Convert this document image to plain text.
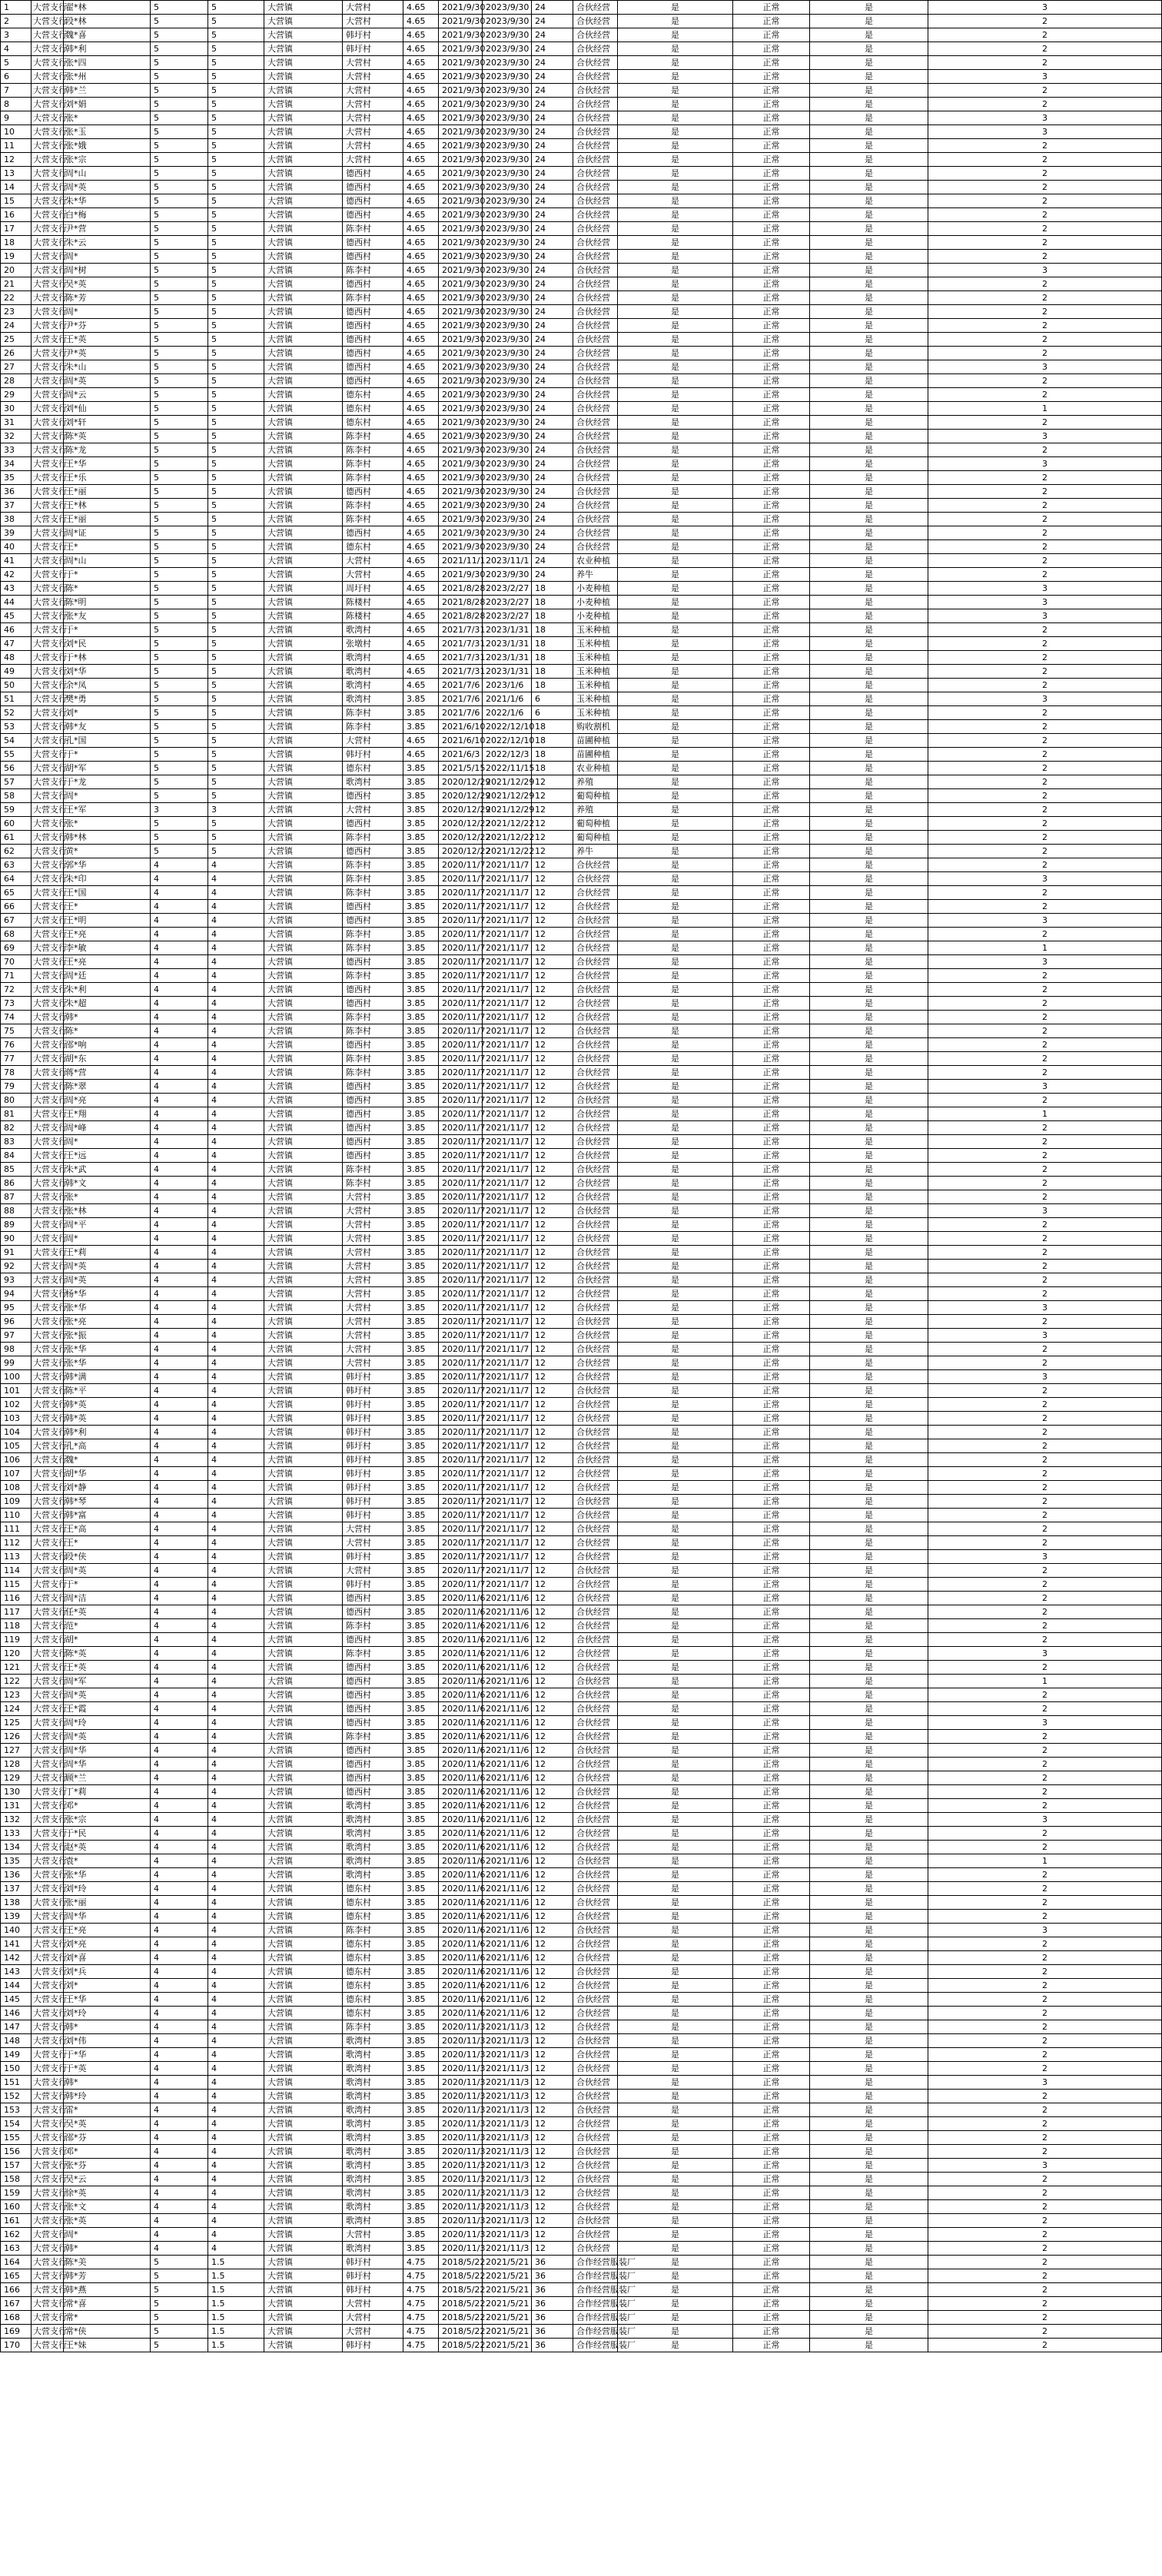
1	大营支行	翟*林	5	5	大营镇	大营村	4.65	2021/9/30	2023/9/30	24	合伙经营	是	正常	是	3
2	大营支行	段*林	5	5	大营镇	大营村	4.65	2021/9/30	2023/9/30	24	合伙经营	是	正常	是	2
3	大营支行	魏*喜	5	5	大营镇	韩圩村	4.65	2021/9/30	2023/9/30	24	合伙经营	是	正常	是	2
4	大营支行	韩*利	5	5	大营镇	韩圩村	4.65	2021/9/30	2023/9/30	24	合伙经营	是	正常	是	2
5	大营支行	张*四	5	5	大营镇	大营村	4.65	2021/9/30	2023/9/30	24	合伙经营	是	正常	是	2
6	大营支行	张*州	5	5	大营镇	大营村	4.65	2021/9/30	2023/9/30	24	合伙经营	是	正常	是	3
7	大营支行	韩*兰	5	5	大营镇	大营村	4.65	2021/9/30	2023/9/30	24	合伙经营	是	正常	是	2
8	大营支行	刘*娟	5	5	大营镇	大营村	4.65	2021/9/30	2023/9/30	24	合伙经营	是	正常	是	2
9	大营支行	张*	5	5	大营镇	大营村	4.65	2021/9/30	2023/9/30	24	合伙经营	是	正常	是	3
10	大营支行	张*玉	5	5	大营镇	大营村	4.65	2021/9/30	2023/9/30	24	合伙经营	是	正常	是	3
11	大营支行	张*娥	5	5	大营镇	大营村	4.65	2021/9/30	2023/9/30	24	合伙经营	是	正常	是	2
12	大营支行	张*宗	5	5	大营镇	大营村	4.65	2021/9/30	2023/9/30	24	合伙经营	是	正常	是	2
13	大营支行	周*山	5	5	大营镇	德西村	4.65	2021/9/30	2023/9/30	24	合伙经营	是	正常	是	2
14	大营支行	周*英	5	5	大营镇	德西村	4.65	2021/9/30	2023/9/30	24	合伙经营	是	正常	是	2
15	大营支行	朱*华	5	5	大营镇	德西村	4.65	2021/9/30	2023/9/30	24	合伙经营	是	正常	是	2
16	大营支行	白*梅	5	5	大营镇	德西村	4.65	2021/9/30	2023/9/30	24	合伙经营	是	正常	是	2
17	大营支行	尹*营	5	5	大营镇	陈李村	4.65	2021/9/30	2023/9/30	24	合伙经营	是	正常	是	2
18	大营支行	朱*云	5	5	大营镇	德西村	4.65	2021/9/30	2023/9/30	24	合伙经营	是	正常	是	2
19	大营支行	周*	5	5	大营镇	德西村	4.65	2021/9/30	2023/9/30	24	合伙经营	是	正常	是	2
20	大营支行	周*树	5	5	大营镇	陈李村	4.65	2021/9/30	2023/9/30	24	合伙经营	是	正常	是	3
21	大营支行	吴*英	5	5	大营镇	德西村	4.65	2021/9/30	2023/9/30	24	合伙经营	是	正常	是	2
22	大营支行	陈*芳	5	5	大营镇	陈李村	4.65	2021/9/30	2023/9/30	24	合伙经营	是	正常	是	2
23	大营支行	周*	5	5	大营镇	德西村	4.65	2021/9/30	2023/9/30	24	合伙经营	是	正常	是	2
24	大营支行	尹*芬	5	5	大营镇	德西村	4.65	2021/9/30	2023/9/30	24	合伙经营	是	正常	是	2
25	大营支行	王*英	5	5	大营镇	德西村	4.65	2021/9/30	2023/9/30	24	合伙经营	是	正常	是	2
26	大营支行	尹*英	5	5	大营镇	德西村	4.65	2021/9/30	2023/9/30	24	合伙经营	是	正常	是	2
27	大营支行	朱*山	5	5	大营镇	德西村	4.65	2021/9/30	2023/9/30	24	合伙经营	是	正常	是	3
28	大营支行	周*英	5	5	大营镇	德西村	4.65	2021/9/30	2023/9/30	24	合伙经营	是	正常	是	2
29	大营支行	周*云	5	5	大营镇	德东村	4.65	2021/9/30	2023/9/30	24	合伙经营	是	正常	是	2
30	大营支行	刘*仙	5	5	大营镇	德东村	4.65	2021/9/30	2023/9/30	24	合伙经营	是	正常	是	1
31	大营支行	刘*轩	5	5	大营镇	德东村	4.65	2021/9/30	2023/9/30	24	合伙经营	是	正常	是	2
32	大营支行	陈*英	5	5	大营镇	陈李村	4.65	2021/9/30	2023/9/30	24	合伙经营	是	正常	是	3
33	大营支行	陈*龙	5	5	大营镇	陈李村	4.65	2021/9/30	2023/9/30	24	合伙经营	是	正常	是	2
34	大营支行	王*华	5	5	大营镇	陈李村	4.65	2021/9/30	2023/9/30	24	合伙经营	是	正常	是	3
35	大营支行	王*乐	5	5	大营镇	陈李村	4.65	2021/9/30	2023/9/30	24	合伙经营	是	正常	是	2
36	大营支行	王*丽	5	5	大营镇	德西村	4.65	2021/9/30	2023/9/30	24	合伙经营	是	正常	是	2
37	大营支行	王*林	5	5	大营镇	陈李村	4.65	2021/9/30	2023/9/30	24	合伙经营	是	正常	是	2
38	大营支行	王*丽	5	5	大营镇	陈李村	4.65	2021/9/30	2023/9/30	24	合伙经营	是	正常	是	2
39	大营支行	周*证	5	5	大营镇	德西村	4.65	2021/9/30	2023/9/30	24	合伙经营	是	正常	是	2
40	大营支行	王*	5	5	大营镇	德东村	4.65	2021/9/30	2023/9/30	24	合伙经营	是	正常	是	2
41	大营支行	周*山	5	5	大营镇	大营村	4.65	2021/11/1	2023/11/1	24	农业种植	是	正常	是	2
42	大营支行	于*	5	5	大营镇	大营村	4.65	2021/9/30	2023/9/30	24	养牛	是	正常	是	2
43	大营支行	陈*	5	5	大营镇	周圩村	4.65	2021/8/28	2023/2/27	18	小麦种植	是	正常	是	3
44	大营支行	陈*明	5	5	大营镇	陈楼村	4.65	2021/8/28	2023/2/27	18	小麦种植	是	正常	是	3
45	大营支行	张*友	5	5	大营镇	陈楼村	4.65	2021/8/28	2023/2/27	18	小麦种植	是	正常	是	3
46	大营支行	于*	5	5	大营镇	歌湾村	4.65	2021/7/31	2023/1/31	18	玉米种植	是	正常	是	2
47	大营支行	刘*民	5	5	大营镇	张墩村	4.65	2021/7/31	2023/1/31	18	玉米种植	是	正常	是	2
48	大营支行	于*林	5	5	大营镇	歌湾村	4.65	2021/7/31	2023/1/31	18	玉米种植	是	正常	是	2
49	大营支行	刘*华	5	5	大营镇	歌湾村	4.65	2021/7/31	2023/1/31	18	玉米种植	是	正常	是	2
50	大营支行	余*凤	5	5	大营镇	歌湾村	4.65	2021/7/6	2023/1/6	18	玉米种植	是	正常	是	2
51	大营支行	樊*勇	5	5	大营镇	歌湾村	3.85	2021/7/6	2021/1/6	6	玉米种植	是	正常	是	3
52	大营支行	刘*	5	5	大营镇	陈李村	3.85	2021/7/6	2022/1/6	6	玉米种植	是	正常	是	2
53	大营支行	韩*友	5	5	大营镇	陈李村	3.85	2021/6/10	2022/12/10	18	购收割机	是	正常	是	2
54	大营支行	孔*国	5	5	大营镇	大营村	4.65	2021/6/10	2022/12/10	18	苗圃种植	是	正常	是	2
55	大营支行	于*	5	5	大营镇	韩圩村	4.65	2021/6/3	2022/12/3	18	苗圃种植	是	正常	是	2
56	大营支行	胡*军	5	5	大营镇	德东村	3.85	2021/5/15	2022/11/15	18	农业种植	是	正常	是	2
57	大营支行	于*龙	5	5	大营镇	歌湾村	3.85	2020/12/29	2021/12/29	12	养殖	是	正常	是	2
58	大营支行	周*	5	5	大营镇	德西村	3.85	2020/12/29	2021/12/29	12	葡萄种植	是	正常	是	2
59	大营支行	王*军	3	3	大营镇	大营村	3.85	2020/12/29	2021/12/29	12	养殖	是	正常	是	2
60	大营支行	张*	5	5	大营镇	德西村	3.85	2020/12/22	2021/12/22	12	葡萄种植	是	正常	是	2
61	大营支行	韩*林	5	5	大营镇	陈李村	3.85	2020/12/22	2021/12/22	12	葡萄种植	是	正常	是	2
62	大营支行	黄*	5	5	大营镇	德西村	3.85	2020/12/22	2021/12/22	12	养牛	是	正常	是	2
63	大营支行	郭*华	4	4	大营镇	陈李村	3.85	2020/11/7	2021/11/7	12	合伙经营	是	正常	是	2
64	大营支行	朱*印	4	4	大营镇	陈李村	3.85	2020/11/7	2021/11/7	12	合伙经营	是	正常	是	3
65	大营支行	王*国	4	4	大营镇	陈李村	3.85	2020/11/7	2021/11/7	12	合伙经营	是	正常	是	2
66	大营支行	王*	4	4	大营镇	德西村	3.85	2020/11/7	2021/11/7	12	合伙经营	是	正常	是	2
67	大营支行	王*明	4	4	大营镇	德西村	3.85	2020/11/7	2021/11/7	12	合伙经营	是	正常	是	3
68	大营支行	王*亮	4	4	大营镇	陈李村	3.85	2020/11/7	2021/11/7	12	合伙经营	是	正常	是	2
69	大营支行	李*敏	4	4	大营镇	陈李村	3.85	2020/11/7	2021/11/7	12	合伙经营	是	正常	是	1
70	大营支行	王*亮	4	4	大营镇	德西村	3.85	2020/11/7	2021/11/7	12	合伙经营	是	正常	是	3
71	大营支行	周*廷	4	4	大营镇	陈李村	3.85	2020/11/7	2021/11/7	12	合伙经营	是	正常	是	2
72	大营支行	朱*利	4	4	大营镇	德西村	3.85	2020/11/7	2021/11/7	12	合伙经营	是	正常	是	2
73	大营支行	朱*超	4	4	大营镇	德西村	3.85	2020/11/7	2021/11/7	12	合伙经营	是	正常	是	2
74	大营支行	韩*	4	4	大营镇	陈李村	3.85	2020/11/7	2021/11/7	12	合伙经营	是	正常	是	2
75	大营支行	陈*	4	4	大营镇	陈李村	3.85	2020/11/7	2021/11/7	12	合伙经营	是	正常	是	2
76	大营支行	邵*响	4	4	大营镇	德西村	3.85	2020/11/7	2021/11/7	12	合伙经营	是	正常	是	2
77	大营支行	胡*东	4	4	大营镇	陈李村	3.85	2020/11/7	2021/11/7	12	合伙经营	是	正常	是	2
78	大营支行	蒋*营	4	4	大营镇	陈李村	3.85	2020/11/7	2021/11/7	12	合伙经营	是	正常	是	2
79	大营支行	陈*翠	4	4	大营镇	德西村	3.85	2020/11/7	2021/11/7	12	合伙经营	是	正常	是	3
80	大营支行	周*亮	4	4	大营镇	德西村	3.85	2020/11/7	2021/11/7	12	合伙经营	是	正常	是	2
81	大营支行	王*翔	4	4	大营镇	德西村	3.85	2020/11/7	2021/11/7	12	合伙经营	是	正常	是	1
82	大营支行	周*峰	4	4	大营镇	德西村	3.85	2020/11/7	2021/11/7	12	合伙经营	是	正常	是	2
83	大营支行	周*	4	4	大营镇	德西村	3.85	2020/11/7	2021/11/7	12	合伙经营	是	正常	是	2
84	大营支行	王*远	4	4	大营镇	德西村	3.85	2020/11/7	2021/11/7	12	合伙经营	是	正常	是	2
85	大营支行	朱*武	4	4	大营镇	陈李村	3.85	2020/11/7	2021/11/7	12	合伙经营	是	正常	是	2
86	大营支行	韩*文	4	4	大营镇	陈李村	3.85	2020/11/7	2021/11/7	12	合伙经营	是	正常	是	2
87	大营支行	张*	4	4	大营镇	大营村	3.85	2020/11/7	2021/11/7	12	合伙经营	是	正常	是	2
88	大营支行	张*林	4	4	大营镇	大营村	3.85	2020/11/7	2021/11/7	12	合伙经营	是	正常	是	3
89	大营支行	周*平	4	4	大营镇	大营村	3.85	2020/11/7	2021/11/7	12	合伙经营	是	正常	是	2
90	大营支行	周*	4	4	大营镇	大营村	3.85	2020/11/7	2021/11/7	12	合伙经营	是	正常	是	2
91	大营支行	王*莉	4	4	大营镇	大营村	3.85	2020/11/7	2021/11/7	12	合伙经营	是	正常	是	2
92	大营支行	周*英	4	4	大营镇	大营村	3.85	2020/11/7	2021/11/7	12	合伙经营	是	正常	是	2
93	大营支行	周*英	4	4	大营镇	大营村	3.85	2020/11/7	2021/11/7	12	合伙经营	是	正常	是	2
94	大营支行	杨*华	4	4	大营镇	大营村	3.85	2020/11/7	2021/11/7	12	合伙经营	是	正常	是	2
95	大营支行	张*华	4	4	大营镇	大营村	3.85	2020/11/7	2021/11/7	12	合伙经营	是	正常	是	3
96	大营支行	张*亮	4	4	大营镇	大营村	3.85	2020/11/7	2021/11/7	12	合伙经营	是	正常	是	2
97	大营支行	张*振	4	4	大营镇	大营村	3.85	2020/11/7	2021/11/7	12	合伙经营	是	正常	是	3
98	大营支行	张*华	4	4	大营镇	大营村	3.85	2020/11/7	2021/11/7	12	合伙经营	是	正常	是	2
99	大营支行	张*华	4	4	大营镇	大营村	3.85	2020/11/7	2021/11/7	12	合伙经营	是	正常	是	2
100	大营支行	韩*满	4	4	大营镇	韩圩村	3.85	2020/11/7	2021/11/7	12	合伙经营	是	正常	是	3
101	大营支行	陈*平	4	4	大营镇	韩圩村	3.85	2020/11/7	2021/11/7	12	合伙经营	是	正常	是	2
102	大营支行	韩*英	4	4	大营镇	韩圩村	3.85	2020/11/7	2021/11/7	12	合伙经营	是	正常	是	2
103	大营支行	韩*英	4	4	大营镇	韩圩村	3.85	2020/11/7	2021/11/7	12	合伙经营	是	正常	是	2
104	大营支行	韩*利	4	4	大营镇	韩圩村	3.85	2020/11/7	2021/11/7	12	合伙经营	是	正常	是	2
105	大营支行	孔*高	4	4	大营镇	韩圩村	3.85	2020/11/7	2021/11/7	12	合伙经营	是	正常	是	2
106	大营支行	魏*	4	4	大营镇	韩圩村	3.85	2020/11/7	2021/11/7	12	合伙经营	是	正常	是	2
107	大营支行	胡*华	4	4	大营镇	韩圩村	3.85	2020/11/7	2021/11/7	12	合伙经营	是	正常	是	2
108	大营支行	刘*静	4	4	大营镇	韩圩村	3.85	2020/11/7	2021/11/7	12	合伙经营	是	正常	是	2
109	大营支行	韩*琴	4	4	大营镇	韩圩村	3.85	2020/11/7	2021/11/7	12	合伙经营	是	正常	是	2
110	大营支行	韩*富	4	4	大营镇	韩圩村	3.85	2020/11/7	2021/11/7	12	合伙经营	是	正常	是	2
111	大营支行	王*高	4	4	大营镇	大营村	3.85	2020/11/7	2021/11/7	12	合伙经营	是	正常	是	2
112	大营支行	王*	4	4	大营镇	大营村	3.85	2020/11/7	2021/11/7	12	合伙经营	是	正常	是	2
113	大营支行	段*侠	4	4	大营镇	韩圩村	3.85	2020/11/7	2021/11/7	12	合伙经营	是	正常	是	3
114	大营支行	周*英	4	4	大营镇	大营村	3.85	2020/11/7	2021/11/7	12	合伙经营	是	正常	是	2
115	大营支行	于*	4	4	大营镇	韩圩村	3.85	2020/11/7	2021/11/7	12	合伙经营	是	正常	是	2
116	大营支行	周*洁	4	4	大营镇	德西村	3.85	2020/11/6	2021/11/6	12	合伙经营	是	正常	是	2
117	大营支行	任*英	4	4	大营镇	德西村	3.85	2020/11/6	2021/11/6	12	合伙经营	是	正常	是	2
118	大营支行	范*	4	4	大营镇	陈李村	3.85	2020/11/6	2021/11/6	12	合伙经营	是	正常	是	2
119	大营支行	胡*	4	4	大营镇	德西村	3.85	2020/11/6	2021/11/6	12	合伙经营	是	正常	是	2
120	大营支行	陈*英	4	4	大营镇	陈李村	3.85	2020/11/6	2021/11/6	12	合伙经营	是	正常	是	3
121	大营支行	王*英	4	4	大营镇	德西村	3.85	2020/11/6	2021/11/6	12	合伙经营	是	正常	是	2
122	大营支行	周*军	4	4	大营镇	德西村	3.85	2020/11/6	2021/11/6	12	合伙经营	是	正常	是	1
123	大营支行	周*英	4	4	大营镇	德西村	3.85	2020/11/6	2021/11/6	12	合伙经营	是	正常	是	2
124	大营支行	王*霞	4	4	大营镇	德西村	3.85	2020/11/6	2021/11/6	12	合伙经营	是	正常	是	2
125	大营支行	周*玲	4	4	大营镇	德西村	3.85	2020/11/6	2021/11/6	12	合伙经营	是	正常	是	3
126	大营支行	周*英	4	4	大营镇	陈李村	3.85	2020/11/6	2021/11/6	12	合伙经营	是	正常	是	2
127	大营支行	周*华	4	4	大营镇	德西村	3.85	2020/11/6	2021/11/6	12	合伙经营	是	正常	是	2
128	大营支行	周*华	4	4	大营镇	德西村	3.85	2020/11/6	2021/11/6	12	合伙经营	是	正常	是	2
129	大营支行	顾*兰	4	4	大营镇	德西村	3.85	2020/11/6	2021/11/6	12	合伙经营	是	正常	是	2
130	大营支行	丁*莉	4	4	大营镇	德西村	3.85	2020/11/6	2021/11/6	12	合伙经营	是	正常	是	2
131	大营支行	邓*	4	4	大营镇	歌湾村	3.85	2020/11/6	2021/11/6	12	合伙经营	是	正常	是	2
132	大营支行	张*宗	4	4	大营镇	歌湾村	3.85	2020/11/6	2021/11/6	12	合伙经营	是	正常	是	3
133	大营支行	于*民	4	4	大营镇	歌湾村	3.85	2020/11/6	2021/11/6	12	合伙经营	是	正常	是	2
134	大营支行	赵*英	4	4	大营镇	歌湾村	3.85	2020/11/6	2021/11/6	12	合伙经营	是	正常	是	2
135	大营支行	袁*	4	4	大营镇	歌湾村	3.85	2020/11/6	2021/11/6	12	合伙经营	是	正常	是	1
136	大营支行	张*华	4	4	大营镇	歌湾村	3.85	2020/11/6	2021/11/6	12	合伙经营	是	正常	是	2
137	大营支行	刘*玲	4	4	大营镇	德东村	3.85	2020/11/6	2021/11/6	12	合伙经营	是	正常	是	2
138	大营支行	张*丽	4	4	大营镇	德东村	3.85	2020/11/6	2021/11/6	12	合伙经营	是	正常	是	2
139	大营支行	周*华	4	4	大营镇	德东村	3.85	2020/11/6	2021/11/6	12	合伙经营	是	正常	是	2
140	大营支行	王*亮	4	4	大营镇	陈李村	3.85	2020/11/6	2021/11/6	12	合伙经营	是	正常	是	3
141	大营支行	刘*亮	4	4	大营镇	德东村	3.85	2020/11/6	2021/11/6	12	合伙经营	是	正常	是	2
142	大营支行	刘*喜	4	4	大营镇	德东村	3.85	2020/11/6	2021/11/6	12	合伙经营	是	正常	是	2
143	大营支行	刘*兵	4	4	大营镇	德东村	3.85	2020/11/6	2021/11/6	12	合伙经营	是	正常	是	2
144	大营支行	刘*	4	4	大营镇	德东村	3.85	2020/11/6	2021/11/6	12	合伙经营	是	正常	是	2
145	大营支行	王*华	4	4	大营镇	德东村	3.85	2020/11/6	2021/11/6	12	合伙经营	是	正常	是	2
146	大营支行	刘*玲	4	4	大营镇	德东村	3.85	2020/11/6	2021/11/6	12	合伙经营	是	正常	是	2
147	大营支行	韩*	4	4	大营镇	陈李村	3.85	2020/11/3	2021/11/3	12	合伙经营	是	正常	是	2
148	大营支行	刘*伟	4	4	大营镇	歌湾村	3.85	2020/11/3	2021/11/3	12	合伙经营	是	正常	是	2
149	大营支行	于*华	4	4	大营镇	歌湾村	3.85	2020/11/3	2021/11/3	12	合伙经营	是	正常	是	2
150	大营支行	于*英	4	4	大营镇	歌湾村	3.85	2020/11/3	2021/11/3	12	合伙经营	是	正常	是	2
151	大营支行	韩*	4	4	大营镇	歌湾村	3.85	2020/11/3	2021/11/3	12	合伙经营	是	正常	是	3
152	大营支行	韩*玲	4	4	大营镇	歌湾村	3.85	2020/11/3	2021/11/3	12	合伙经营	是	正常	是	2
153	大营支行	雷*	4	4	大营镇	歌湾村	3.85	2020/11/3	2021/11/3	12	合伙经营	是	正常	是	2
154	大营支行	吴*英	4	4	大营镇	歌湾村	3.85	2020/11/3	2021/11/3	12	合伙经营	是	正常	是	2
155	大营支行	邵*芬	4	4	大营镇	歌湾村	3.85	2020/11/3	2021/11/3	12	合伙经营	是	正常	是	2
156	大营支行	邓*	4	4	大营镇	歌湾村	3.85	2020/11/3	2021/11/3	12	合伙经营	是	正常	是	2
157	大营支行	张*芬	4	4	大营镇	歌湾村	3.85	2020/11/3	2021/11/3	12	合伙经营	是	正常	是	3
158	大营支行	吴*云	4	4	大营镇	歌湾村	3.85	2020/11/3	2021/11/3	12	合伙经营	是	正常	是	2
159	大营支行	徐*英	4	4	大营镇	歌湾村	3.85	2020/11/3	2021/11/3	12	合伙经营	是	正常	是	2
160	大营支行	张*文	4	4	大营镇	歌湾村	3.85	2020/11/3	2021/11/3	12	合伙经营	是	正常	是	2
161	大营支行	张*英	4	4	大营镇	歌湾村	3.85	2020/11/3	2021/11/3	12	合伙经营	是	正常	是	2
162	大营支行	周*	4	4	大营镇	大营村	3.85	2020/11/3	2021/11/3	12	合伙经营	是	正常	是	2
163	大营支行	韩*	4	4	大营镇	歌湾村	3.85	2020/11/3	2021/11/3	12	合伙经营	是	正常	是	2
164	大营支行	陈*美	5	1.5	大营镇	韩圩村	4.75	2018/5/22	2021/5/21	36	合作经营服装厂	是	正常	是	2
165	大营支行	韩*芳	5	1.5	大营镇	韩圩村	4.75	2018/5/22	2021/5/21	36	合作经营服装厂	是	正常	是	2
166	大营支行	韩*燕	5	1.5	大营镇	韩圩村	4.75	2018/5/22	2021/5/21	36	合作经营服装厂	是	正常	是	2
167	大营支行	常*喜	5	1.5	大营镇	大营村	4.75	2018/5/22	2021/5/21	36	合作经营服装厂	是	正常	是	2
168	大营支行	常*	5	1.5	大营镇	大营村	4.75	2018/5/22	2021/5/21	36	合作经营服装厂	是	正常	是	2
169	大营支行	常*侠	5	1.5	大营镇	大营村	4.75	2018/5/22	2021/5/21	36	合作经营服装厂	是	正常	是	2
170	大营支行	王*妹	5	1.5	大营镇	韩圩村	4.75	2018/5/22	2021/5/21	36	合作经营服装厂	是	正常	是	2
